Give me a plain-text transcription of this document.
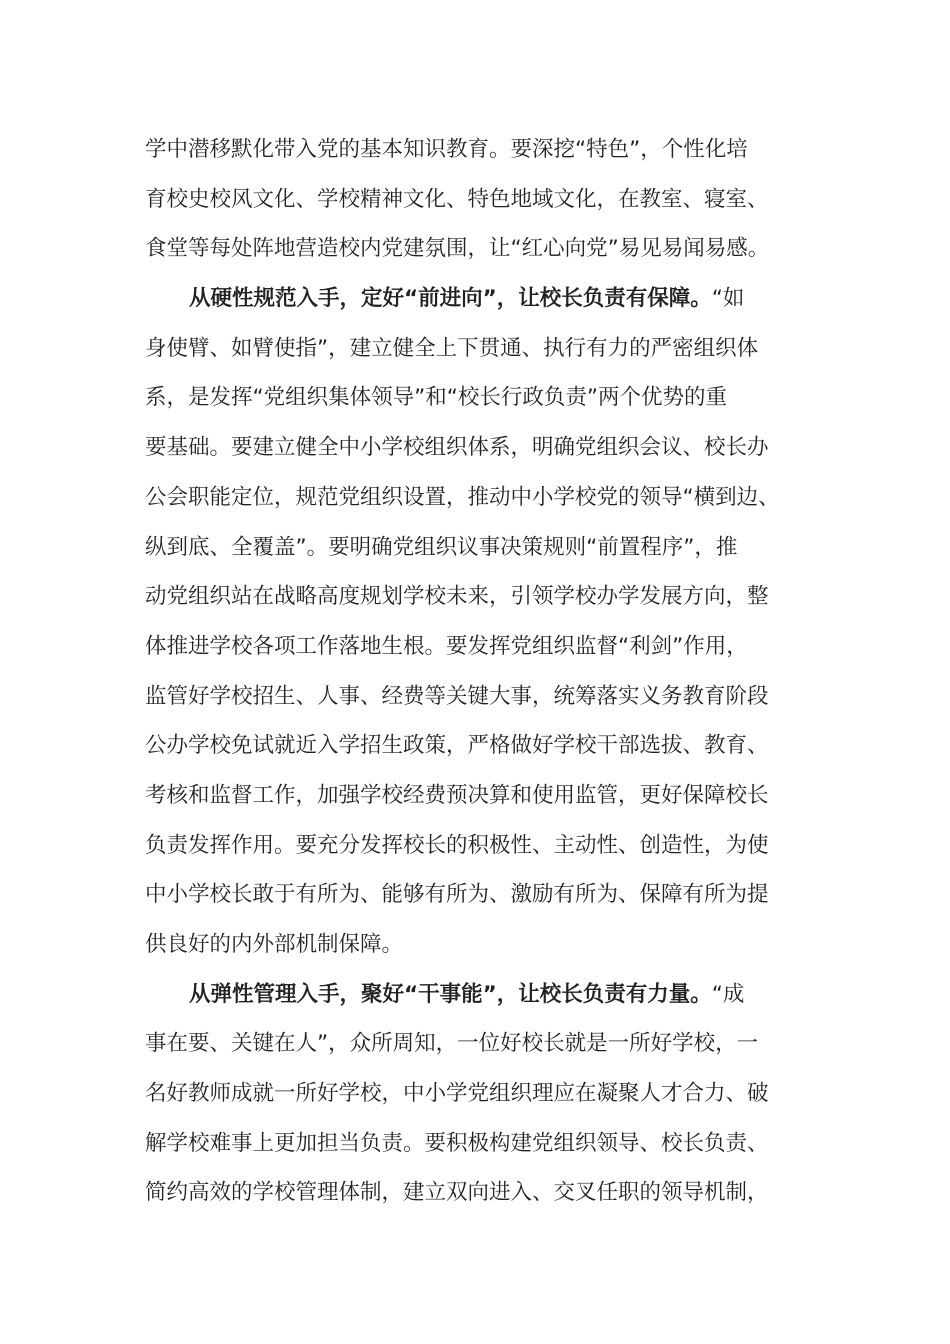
学中潜移默化带入党的基本知识教育。要深挖“特色”，个性化培
育校史校风文化、学校精神文化、特色地域文化，在教室、寝室、
食堂等每处阵地营造校内党建氛围，让“红心向党”易见易闻易感。
从硬性规范入手，定好“前进向”，让校长负责有保障。“如
身使臂、如臂使指”，建立健全上下贯通、执行有力的严密组织体
系，是发挥“党组织集体领导”和“校长行政负责”两个优势的重
要基础。要建立健全中小学校组织体系，明确党组织会议、校长办
公会职能定位，规范党组织设置，推动中小学校党的领导“横到边、
纵到底、全覆盖”。要明确党组织议事决策规则“前置程序”，推
动党组织站在战略高度规划学校未来，引领学校办学发展方向，整
体推进学校各项工作落地生根。要发挥党组织监督“利剑”作用，
监管好学校招生、人事、经费等关键大事，统筹落实义务教育阶段
公办学校免试就近入学招生政策，严格做好学校干部选拔、教育、
考核和监督工作，加强学校经费预决算和使用监管，更好保障校长
负责发挥作用。要充分发挥校长的积极性、主动性、创造性，为使
中小学校长敢于有所为、能够有所为、激励有所为、保障有所为提
供良好的内外部机制保障。
从弹性管理入手，聚好“干事能”，让校长负责有力量。“成
事在要、关键在人”，众所周知，一位好校长就是一所好学校，一
名好教师成就一所好学校，中小学党组织理应在凝聚人才合力、破
解学校难事上更加担当负责。要积极构建党组织领导、校长负责、
简约高效的学校管理体制，建立双向进入、交叉任职的领导机制，
